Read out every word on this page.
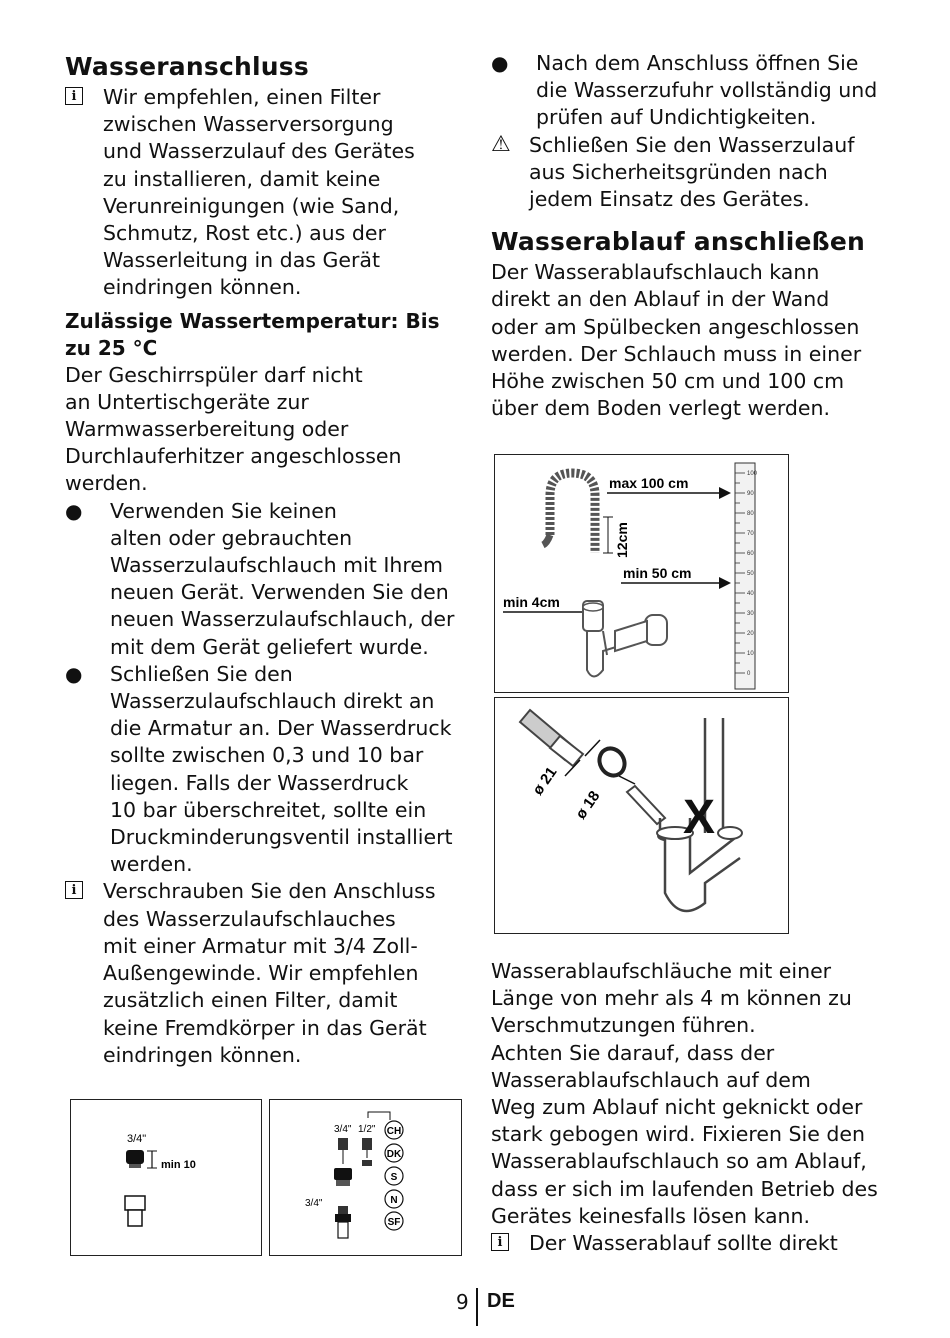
Wasseranschluss
i	Wir empfehlen, einen Filter
zwischen Wasserversorgung
und Wasserzulauf des Gerätes
zu installieren, damit keine
Verunreinigungen (wie Sand,
Schmutz, Rost etc.) aus der
Wasserleitung in das Gerät
eindringen können.
Zulässige Wassertemperatur: Bis
zu 25 °C
Der Geschirrspüler darf nicht
an Untertischgeräte zur
Warmwasserbereitung oder
Durchlauferhitzer angeschlossen
werden.
● Verwenden Sie keinen
alten oder gebrauchten
Wasserzulaufschlauch mit Ihrem
neuen Gerät. Verwenden Sie den
neuen Wasserzulaufschlauch, der
mit dem Gerät geliefert wurde.
● Schließen Sie den
Wasserzulaufschlauch direkt an
die Armatur an. Der Wasserdruck
sollte zwischen 0,3 und 10 bar
liegen. Falls der Wasserdruck
10 bar überschreitet, sollte ein
Druckminderungsventil installiert
werden.
i	Verschrauben Sie den Anschluss
des Wasserzulaufschlauches
mit einer Armatur mit 3/4 Zoll-
Außengewinde. Wir empfehlen
zusätzlich einen Filter, damit
keine Fremdkörper in das Gerät
eindringen können.
● Nach dem Anschluss öffnen Sie
die Wasserzufuhr vollständig und
prüfen auf Undichtigkeiten.
⚠ Schließen Sie den Wasserzulauf
aus Sicherheitsgründen nach
jedem Einsatz des Gerätes.
Wasserablauf anschließen
Der Wasserablaufschlauch kann
direkt an den Ablauf in der Wand
oder am Spülbecken angeschlossen
werden. Der Schlauch muss in einer
Höhe zwischen 50 cm und 100 cm
über dem Boden verlegt werden.
Wasserablaufschläuche mit einer
Länge von mehr als 4 m können zu
Verschmutzungen führen.
Achten Sie darauf, dass der
Wasserablaufschlauch auf dem
Weg zum Ablauf nicht geknickt oder
stark gebogen wird. Fixieren Sie den
Wasserablaufschlauch so am Ablauf,
dass er sich im laufenden Betrieb des
Gerätes keinesfalls lösen kann.
i	Der Wasserablauf sollte direkt
100
90
80
70
60
50
40
30
20
10
0
12cm
max 100 cm
min 50 cm
min 4cm
ø 21
ø 18 X
3/4"
min 10
3/4" 1/2"
3/4"
CH
DK
S
N
SF
9 DE
